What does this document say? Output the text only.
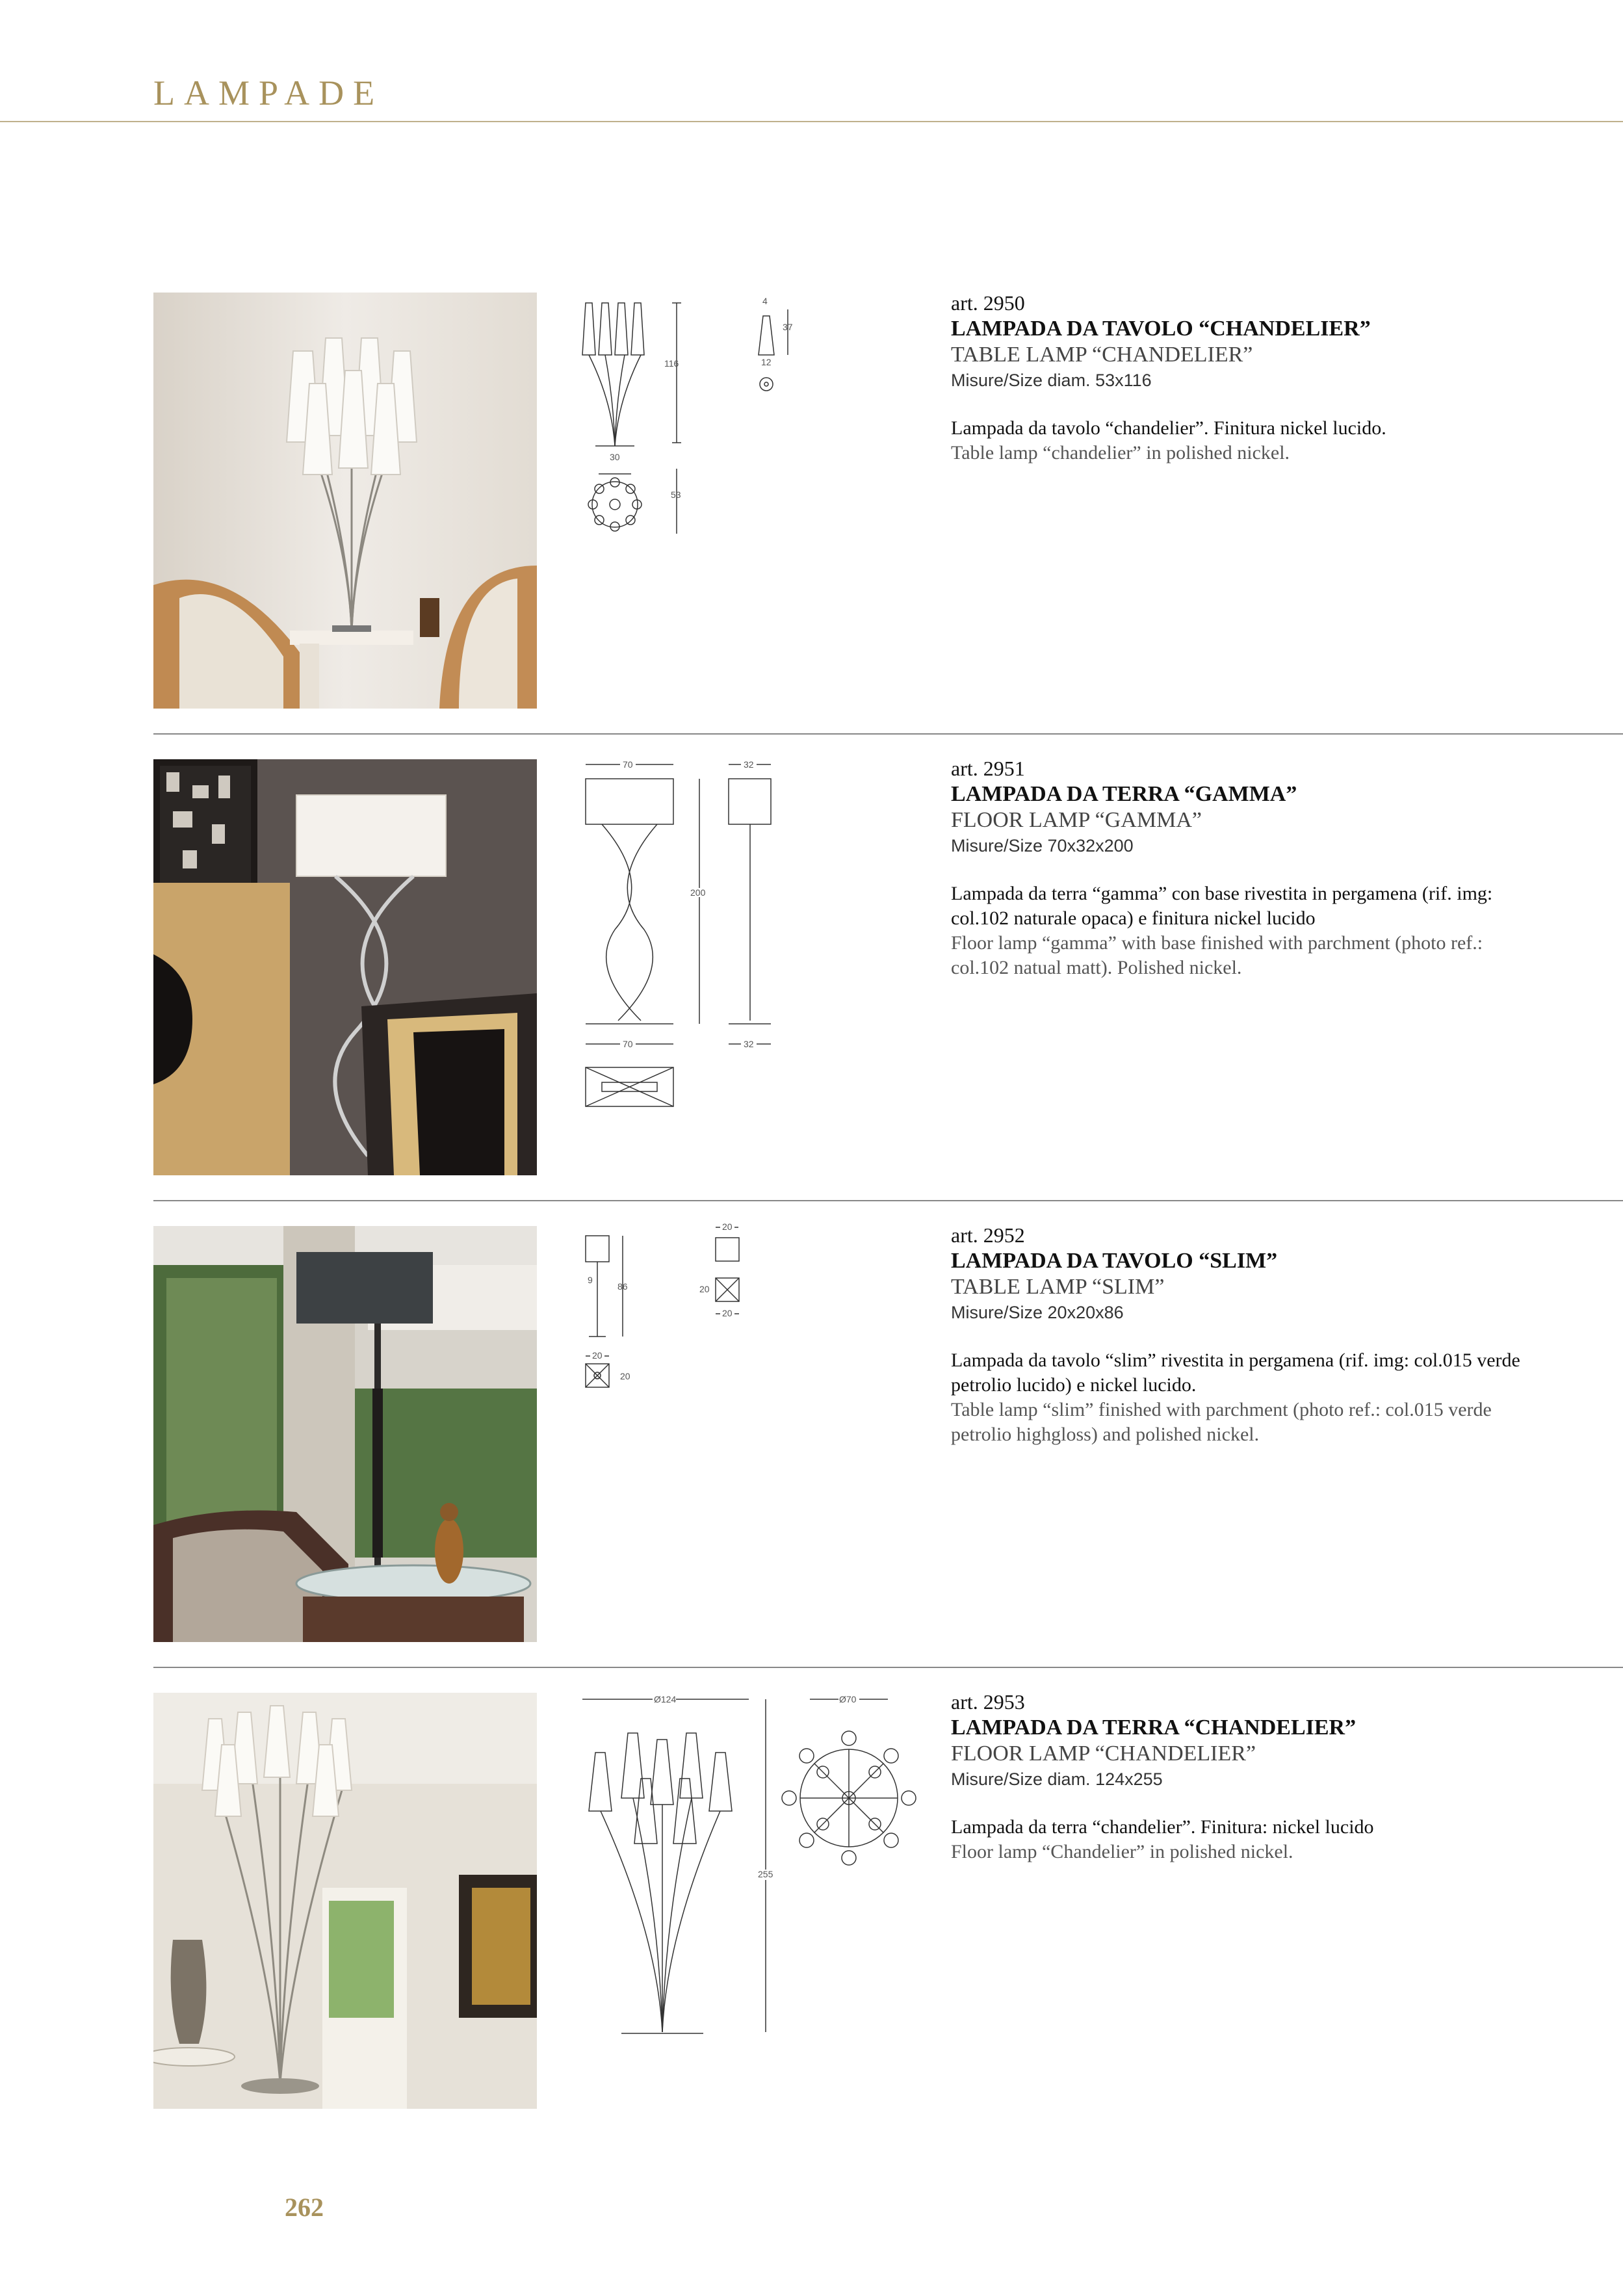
LAMPADE
116
30
53
4
37
12
art. 2950
LAMPADA DA TAVOLO “CHANDELIER”
TABLE LAMP “CHANDELIER”
Misure/Size diam. 53x116
Lampada da tavolo “chandelier”. Finitura nickel lucido.
Table lamp “chandelier” in polished nickel.
70	32
200
70	32
art. 2951
LAMPADA DA TERRA “GAMMA”
FLOOR LAMP “GAMMA”
Misure/Size 70x32x200
Lampada da terra “gamma” con base rivestita in pergamena (rif. img: col.102 naturale opaca) e finitura nickel lucido
Floor lamp “gamma” with base finished with parchment (photo ref.: col.102 natual matt). Polished nickel.
9
86
20
20
20
20
20
art. 2952
LAMPADA DA TAVOLO “SLIM”
TABLE LAMP “SLIM”
Misure/Size 20x20x86
Lampada da tavolo “slim” rivestita in pergamena (rif. img: col.015 verde petrolio lucido) e nickel lucido.
Table lamp “slim” finished with parchment (photo ref.: col.015 verde petrolio highgloss) and polished nickel.
Ø124	Ø70
255
art. 2953
LAMPADA DA TERRA “CHANDELIER”
FLOOR LAMP “CHANDELIER”
Misure/Size diam. 124x255
Lampada da terra “chandelier”. Finitura: nickel lucido
Floor lamp “Chandelier” in polished nickel.
262
